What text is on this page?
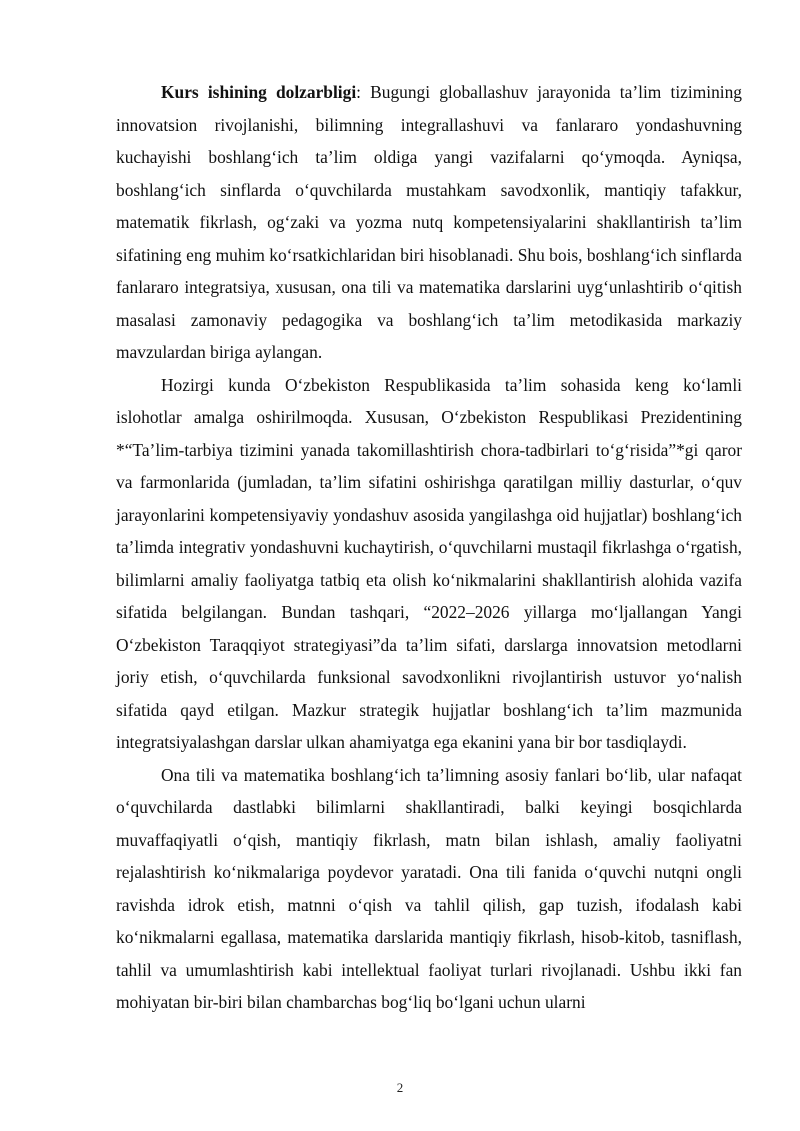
Kurs ishining dolzarbligi: Bugungi globallashuv jarayonida ta’lim tizimining innovatsion rivojlanishi, bilimning integrallashuvi va fanlararo yondashuvning kuchayishi boshlang‘ich ta’lim oldiga yangi vazifalarni qo‘ymoqda. Ayniqsa, boshlang‘ich sinflarda o‘quvchilarda mustahkam savodxonlik, mantiqiy tafakkur, matematik fikrlash, og‘zaki va yozma nutq kompetensiyalarini shakllantirish ta’lim sifatining eng muhim ko‘rsatkichlaridan biri hisoblanadi. Shu bois, boshlang‘ich sinflarda fanlararo integratsiya, xususan, ona tili va matematika darslarini uyg‘unlashtirib o‘qitish masalasi zamonaviy pedagogika va boshlang‘ich ta’lim metodikasida markaziy mavzulardan biriga aylangan.

Hozirgi kunda O‘zbekiston Respublikasida ta’lim sohasida keng ko‘lamli islohotlar amalga oshirilmoqda. Xususan, O‘zbekiston Respublikasi Prezidentining *“Ta’lim-tarbiya tizimini yanada takomillashtirish chora-tadbirlari to‘g‘risida”*gi qaror va farmonlarida (jumladan, ta’lim sifatini oshirishga qaratilgan milliy dasturlar, o‘quv jarayonlarini kompetensiyaviy yondashuv asosida yangilashga oid hujjatlar) boshlang‘ich ta’limda integrativ yondashuvni kuchaytirish, o‘quvchilarni mustaqil fikrlashga o‘rgatish, bilimlarni amaliy faoliyatga tatbiq eta olish ko‘nikmalarini shakllantirish alohida vazifa sifatida belgilangan. Bundan tashqari, “2022–2026 yillarga mo‘ljallangan Yangi O‘zbekiston Taraqqiyot strategiyasi”da ta’lim sifati, darslarga innovatsion metodlarni joriy etish, o‘quvchilarda funksional savodxonlikni rivojlantirish ustuvor yo‘nalish sifatida qayd etilgan. Mazkur strategik hujjatlar boshlang‘ich ta’lim mazmunida integratsiyalashgan darslar ulkan ahamiyatga ega ekanini yana bir bor tasdiqlaydi.

Ona tili va matematika boshlang‘ich ta’limning asosiy fanlari bo‘lib, ular nafaqat o‘quvchilarda dastlabki bilimlarni shakllantiradi, balki keyingi bosqichlarda muvaffaqiyatli o‘qish, mantiqiy fikrlash, matn bilan ishlash, amaliy faoliyatni rejalashtirish ko‘nikmalariga poydevor yaratadi. Ona tili fanida o‘quvchi nutqni ongli ravishda idrok etish, matnni o‘qish va tahlil qilish, gap tuzish, ifodalash kabi ko‘nikmalarni egallasa, matematika darslarida mantiqiy fikrlash, hisob-kitob, tasniflash, tahlil va umumlashtirish kabi intellektual faoliyat turlari rivojlanadi. Ushbu ikki fan mohiyatan bir-biri bilan chambarchas bog‘liq bo‘lgani uchun ularni

2
